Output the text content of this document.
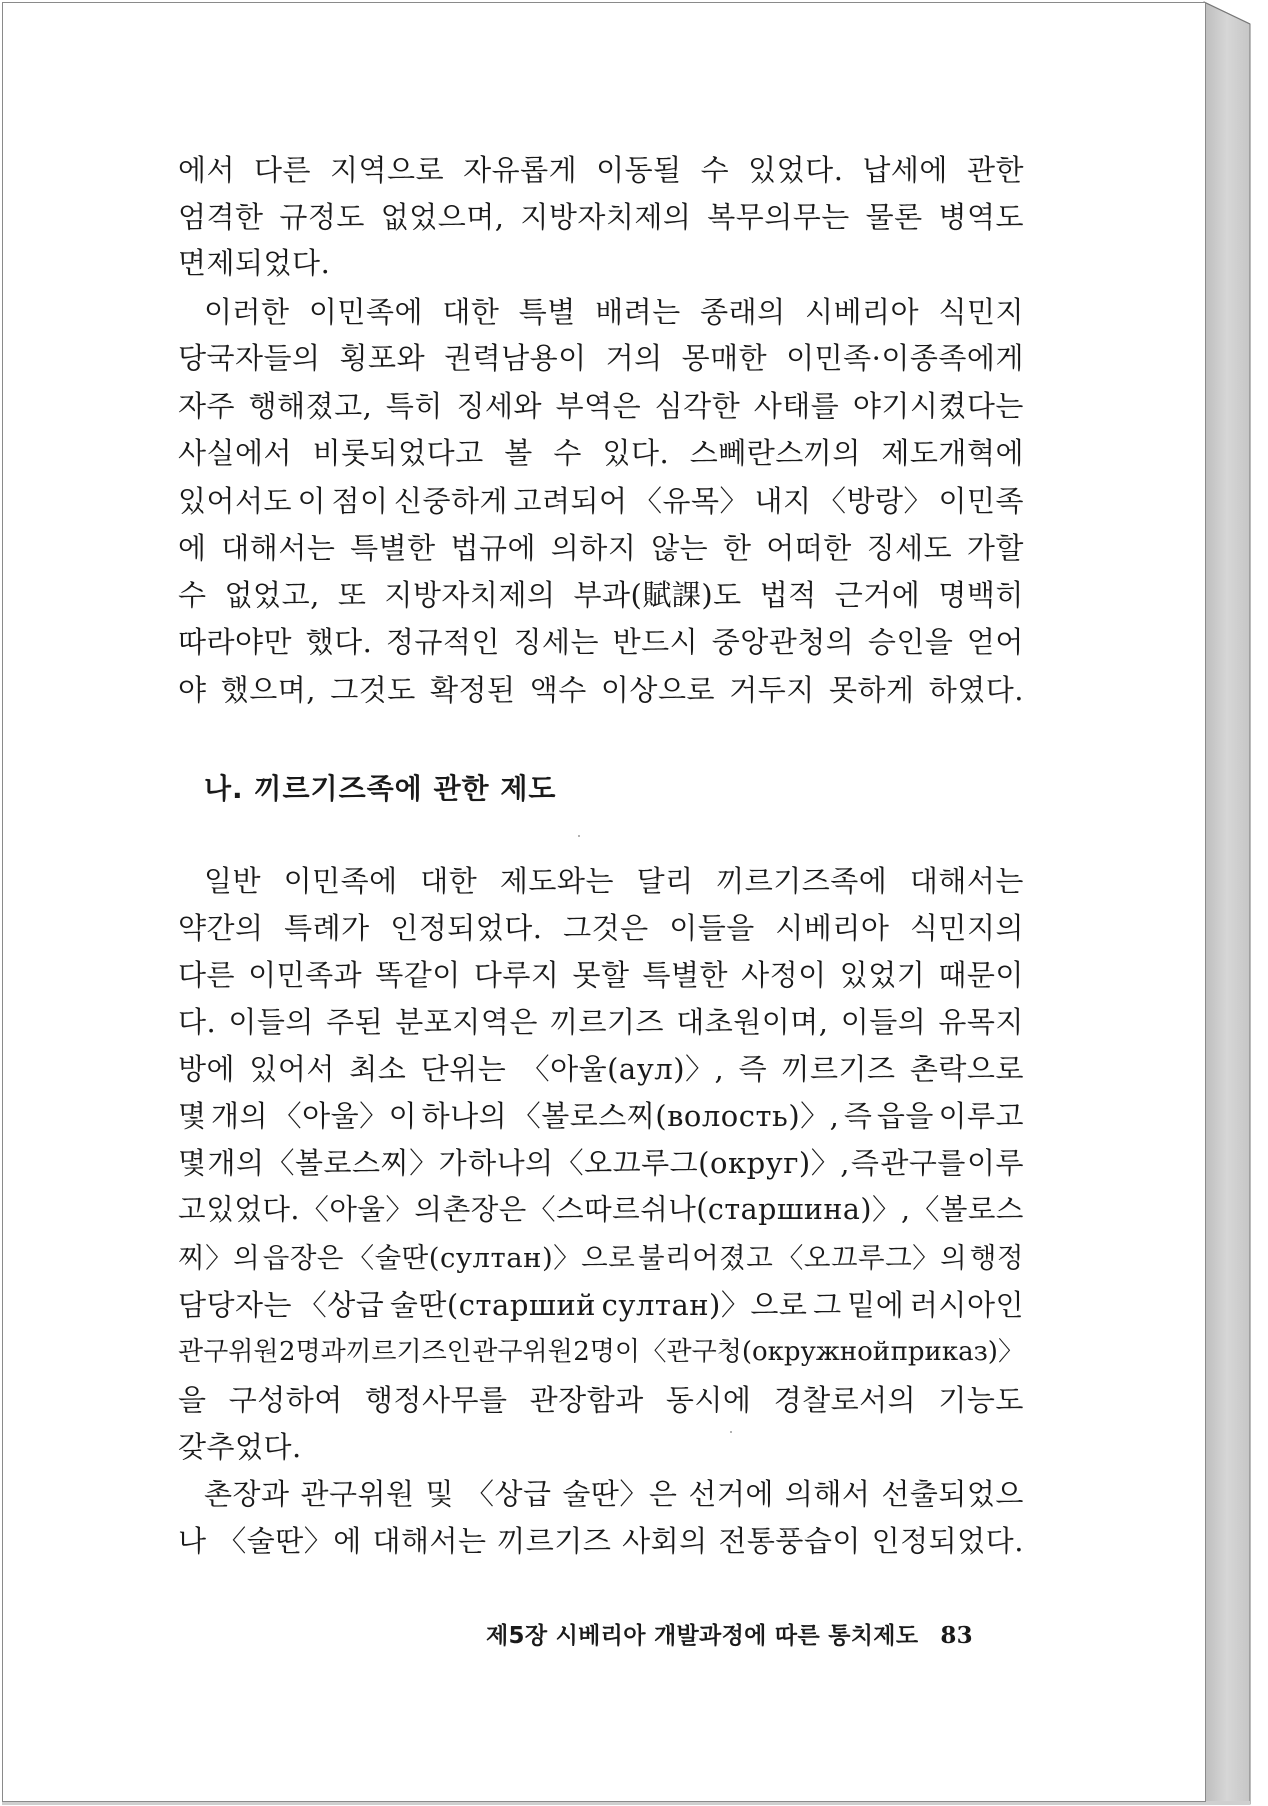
에서 다른 지역으로 자유롭게 이동될 수 있었다. 납세에 관한
엄격한 규정도 없었으며, 지방자치제의 복무의무는 물론 병역도
면제되었다.
이러한 이민족에 대한 특별 배려는 종래의 시베리아 식민지
당국자들의 횡포와 권력남용이 거의 몽매한 이민족·이종족에게
자주 행해졌고, 특히 징세와 부역은 심각한 사태를 야기시켰다는
사실에서 비롯되었다고 볼 수 있다. 스뻬란스끼의 제도개혁에
있어서도 이 점이 신중하게 고려되어 〈유목〉 내지 〈방랑〉 이민족
에 대해서는 특별한 법규에 의하지 않는 한 어떠한 징세도 가할
수 없었고, 또 지방자치제의 부과(賦課)도 법적 근거에 명백히
따라야만 했다. 정규적인 징세는 반드시 중앙관청의 승인을 얻어
야 했으며, 그것도 확정된 액수 이상으로 거두지 못하게 하였다.
나. 끼르기즈족에 관한 제도
일반 이민족에 대한 제도와는 달리 끼르기즈족에 대해서는
약간의 특례가 인정되었다. 그것은 이들을 시베리아 식민지의
다른 이민족과 똑같이 다루지 못할 특별한 사정이 있었기 때문이
다. 이들의 주된 분포지역은 끼르기즈 대초원이며, 이들의 유목지
방에 있어서 최소 단위는 〈아울(аул)〉, 즉 끼르기즈 촌락으로
몇 개의 〈아울〉이 하나의 〈볼로스찌(волость)〉, 즉 읍을 이루고
몇 개의 〈볼로스찌〉가 하나의 〈오끄루그(округ)〉, 즉 관구를 이루
고 있었다. 〈아울〉의 촌장은 〈스따르쉬나(старшина)〉, 〈볼로스
찌〉의 읍장은 〈술딴(султан)〉으로 불리어졌고 〈오끄루그〉의 행정
담당자는 〈상급 술딴(старший султан)〉으로 그 밑에 러시아인
관구위원 2명과 끼르기즈인 관구위원 2명이 〈관구청(окружной приказ)〉
을 구성하여 행정사무를 관장함과 동시에 경찰로서의 기능도
갖추었다.
촌장과 관구위원 및 〈상급 술딴〉은 선거에 의해서 선출되었으
나 〈술딴〉에 대해서는 끼르기즈 사회의 전통풍습이 인정되었다.
제5장 시베리아 개발과정에 따른 통치제도 83
